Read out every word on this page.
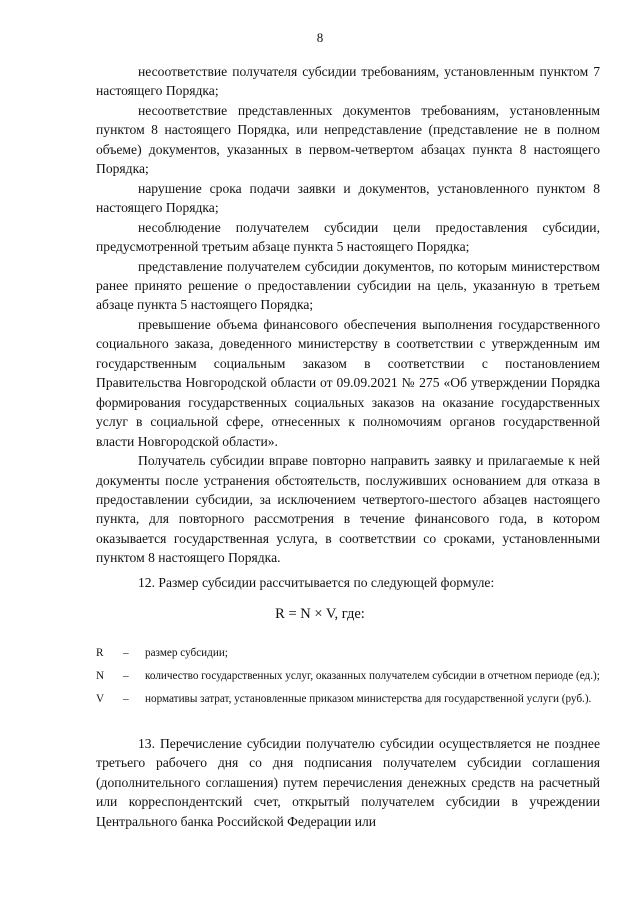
8

несоответствие получателя субсидии требованиям, установленным пунктом 7 настоящего Порядка;

несоответствие представленных документов требованиям, установленным пунктом 8 настоящего Порядка, или непредставление (представление не в полном объеме) документов, указанных в первом-четвертом абзацах пункта 8 настоящего Порядка;

нарушение срока подачи заявки и документов, установленного пунктом 8 настоящего Порядка;

несоблюдение получателем субсидии цели предоставления субсидии, предусмотренной третьим абзаце пункта 5 настоящего Порядка;

представление получателем субсидии документов, по которым министерством ранее принято решение о предоставлении субсидии на цель, указанную в третьем абзаце пункта 5 настоящего Порядка;

превышение объема финансового обеспечения выполнения государственного социального заказа, доведенного министерству в соответствии с утвержденным им государственным социальным заказом в соответствии с постановлением Правительства Новгородской области от 09.09.2021 № 275 «Об утверждении Порядка формирования государственных социальных заказов на оказание государственных услуг в социальной сфере, отнесенных к полномочиям органов государственной власти Новгородской области».

Получатель субсидии вправе повторно направить заявку и прилагаемые к ней документы после устранения обстоятельств, послуживших основанием для отказа в предоставлении субсидии, за исключением четвертого-шестого абзацев настоящего пункта, для повторного рассмотрения в течение финансового года, в котором оказывается государственная услуга, в соответствии со сроками, установленными пунктом 8 настоящего Порядка.

12. Размер субсидии рассчитывается по следующей формуле:

R = N × V, где:
R	–	размер субсидии;
N	–	количество государственных услуг, оказанных получателем субсидии в отчетном периоде (ед.);
V	–	нормативы затрат, установленные приказом министерства для государственной услуги (руб.).

13. Перечисление субсидии получателю субсидии осуществляется не позднее третьего рабочего дня со дня подписания получателем субсидии соглашения (дополнительного соглашения) путем перечисления денежных средств на расчетный или корреспондентский счет, открытый получателем субсидии в учреждении Центрального банка Российской Федерации или
